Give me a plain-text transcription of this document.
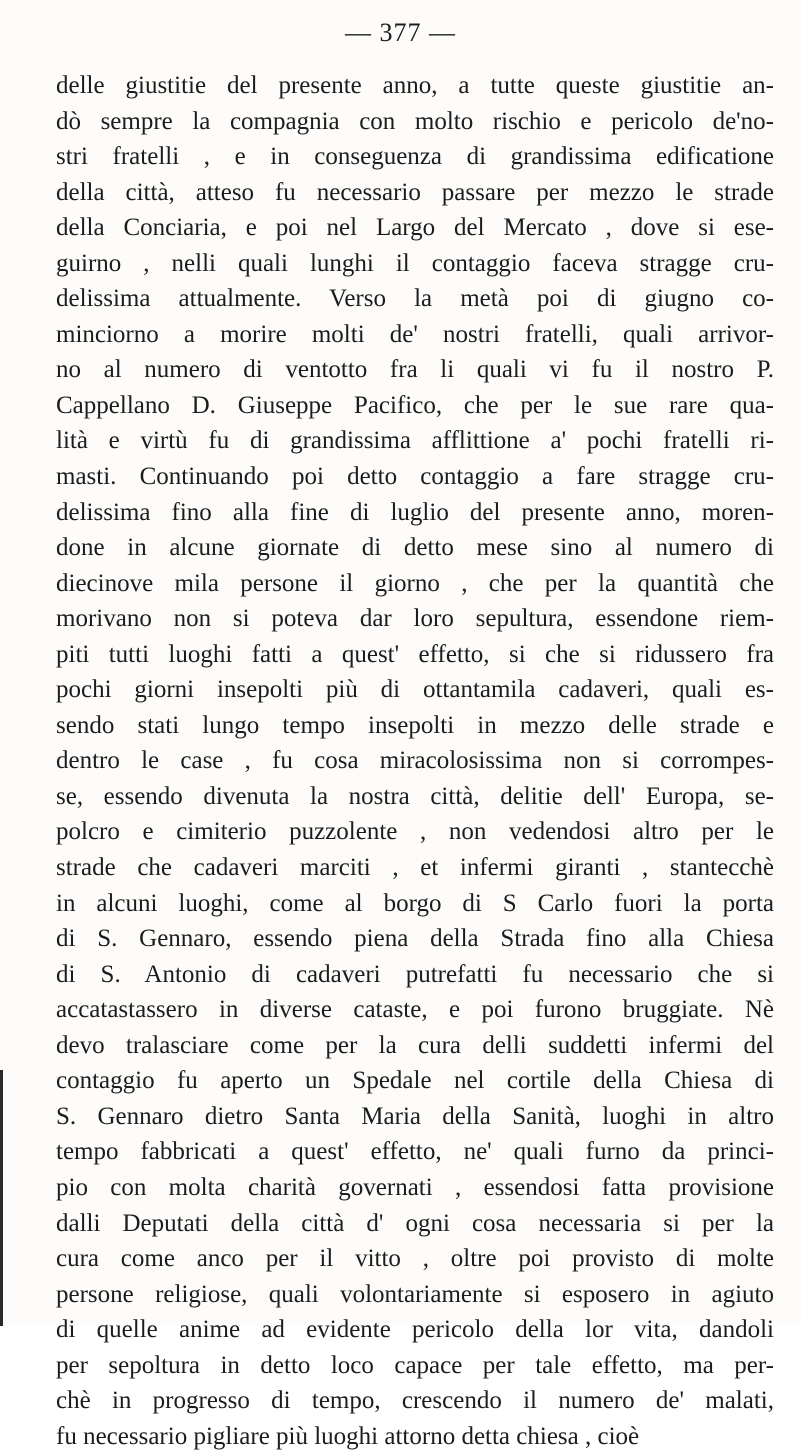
— 377 —
delle giustitie del presente anno, a tutte queste giustitie an-
dò sempre la compagnia con molto rischio e pericolo de'no-
stri fratelli , e in conseguenza di grandissima edificatione
della città, atteso fu necessario passare per mezzo le strade
della Conciaria, e poi nel Largo del Mercato , dove si ese-
guirno , nelli quali lunghi il contaggio faceva stragge cru-
delissima attualmente. Verso la metà poi di giugno co-
minciorno a morire molti de' nostri fratelli, quali arrivor-
no al numero di ventotto fra li quali vi fu il nostro P.
Cappellano D. Giuseppe Pacifico, che per le sue rare qua-
lità e virtù fu di grandissima afflittione a' pochi fratelli ri-
masti. Continuando poi detto contaggio a fare stragge cru-
delissima fino alla fine di luglio del presente anno, moren-
done in alcune giornate di detto mese sino al numero di
diecinove mila persone il giorno , che per la quantità che
morivano non si poteva dar loro sepultura, essendone riem-
piti tutti luoghi fatti a quest' effetto, si che si ridussero fra
pochi giorni insepolti più di ottantamila cadaveri, quali es-
sendo stati lungo tempo insepolti in mezzo delle strade e
dentro le case , fu cosa miracolosissima non si corrompes-
se, essendo divenuta la nostra città, delitie dell' Europa, se-
polcro e cimiterio puzzolente , non vedendosi altro per le
strade che cadaveri marciti , et infermi giranti , stantecchè
in alcuni luoghi, come al borgo di S Carlo fuori la porta
di S. Gennaro, essendo piena della Strada fino alla Chiesa
di S. Antonio di cadaveri putrefatti fu necessario che si
accatastassero in diverse cataste, e poi furono bruggiate. Nè
devo tralasciare come per la cura delli suddetti infermi del
contaggio fu aperto un Spedale nel cortile della Chiesa di
S. Gennaro dietro Santa Maria della Sanità, luoghi in altro
tempo fabbricati a quest' effetto, ne' quali furno da princi-
pio con molta charità governati , essendosi fatta provisione
dalli Deputati della città d' ogni cosa necessaria si per la
cura come anco per il vitto , oltre poi provisto di molte
persone religiose, quali volontariamente si esposero in agiuto
di quelle anime ad evidente pericolo della lor vita, dandoli
per sepoltura in detto loco capace per tale effetto, ma per-
chè in progresso di tempo, crescendo il numero de' malati,
fu necessario pigliare più luoghi attorno detta chiesa , cioè
